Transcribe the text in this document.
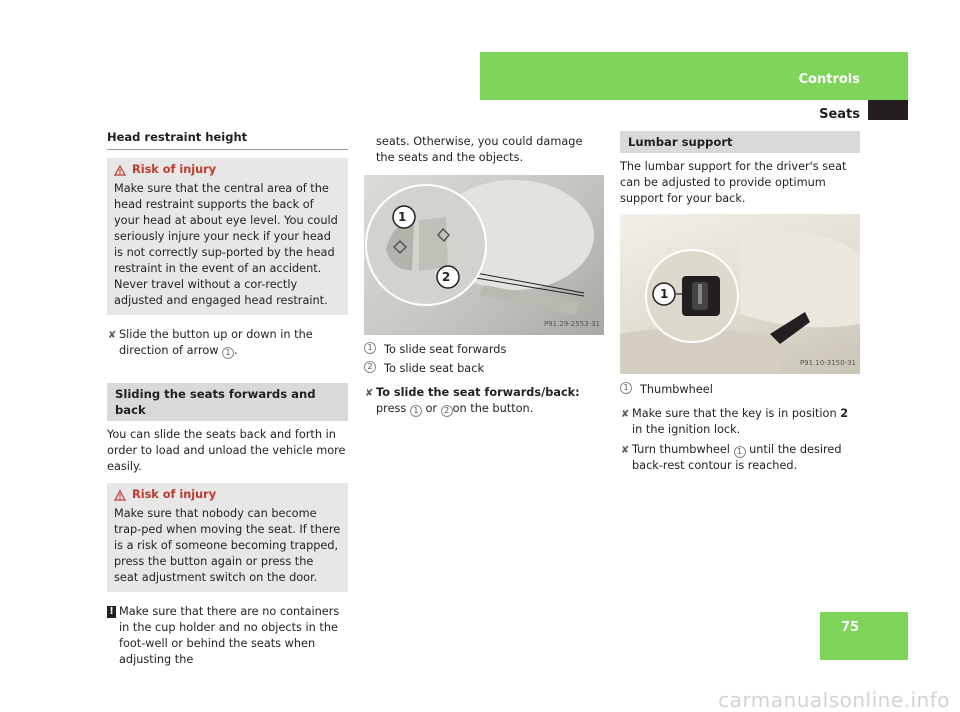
Controls
Seats
Head restraint height
Risk of injury
Make sure that the central area of the head restraint supports the back of your head at about eye level. You could seriously injure your neck if your head is not correctly sup-ported by the head restraint in the event of an accident. Never travel without a cor-rectly adjusted and engaged head restraint.
✘ Slide the button up or down in the direction of arrow 1 .
Sliding the seats forwards and back
You can slide the seats back and forth in order to load and unload the vehicle more easily.
Risk of injury
Make sure that nobody can become trap-ped when moving the seat. If there is a risk of someone becoming trapped, press the button again or press the seat adjustment switch on the door.
! Make sure that there are no containers in the cup holder and no objects in the foot-well or behind the seats when adjusting the
seats. Otherwise, you could damage the seats and the objects.
1
2
P91.29-2553-31
1	To slide seat forwards
2	To slide seat back
✘ To slide the seat forwards/back: press 1 or 2 on the button.
Lumbar support
The lumbar support for the driver's seat can be adjusted to provide optimum support for your back.
1
P91.10-3150-31
1	Thumbwheel
✘ Make sure that the key is in position 2 in the ignition lock.
✘ Turn thumbwheel 1 until the desired back-rest contour is reached.
75
carmanualsonline.info
